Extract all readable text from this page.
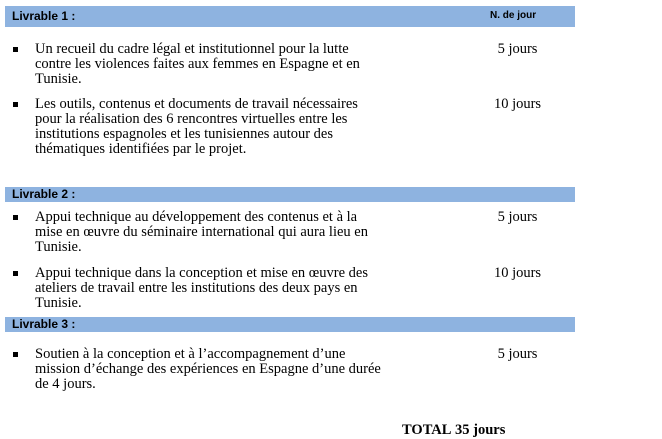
Livrable 1 :	N. de jour
Un recueil du cadre légal et institutionnel pour la lutte
contre les violences faites aux femmes en Espagne et en
Tunisie.
5 jours
Les outils, contenus et documents de travail nécessaires
pour la réalisation des 6 rencontres virtuelles entre les
institutions espagnoles et les tunisiennes autour des
thématiques identifiées par le projet.
10 jours
Livrable 2 :
Appui technique au développement des contenus et à la
mise en œuvre du séminaire international qui aura lieu en
Tunisie.
5 jours
Appui technique dans la conception et mise en œuvre des
ateliers de travail entre les institutions des deux pays en
Tunisie.
10 jours
Livrable 3 :
Soutien à la conception et à l’accompagnement d’une
mission d’échange des expériences en Espagne d’une durée
de 4 jours.
5 jours
TOTAL 35 jours
